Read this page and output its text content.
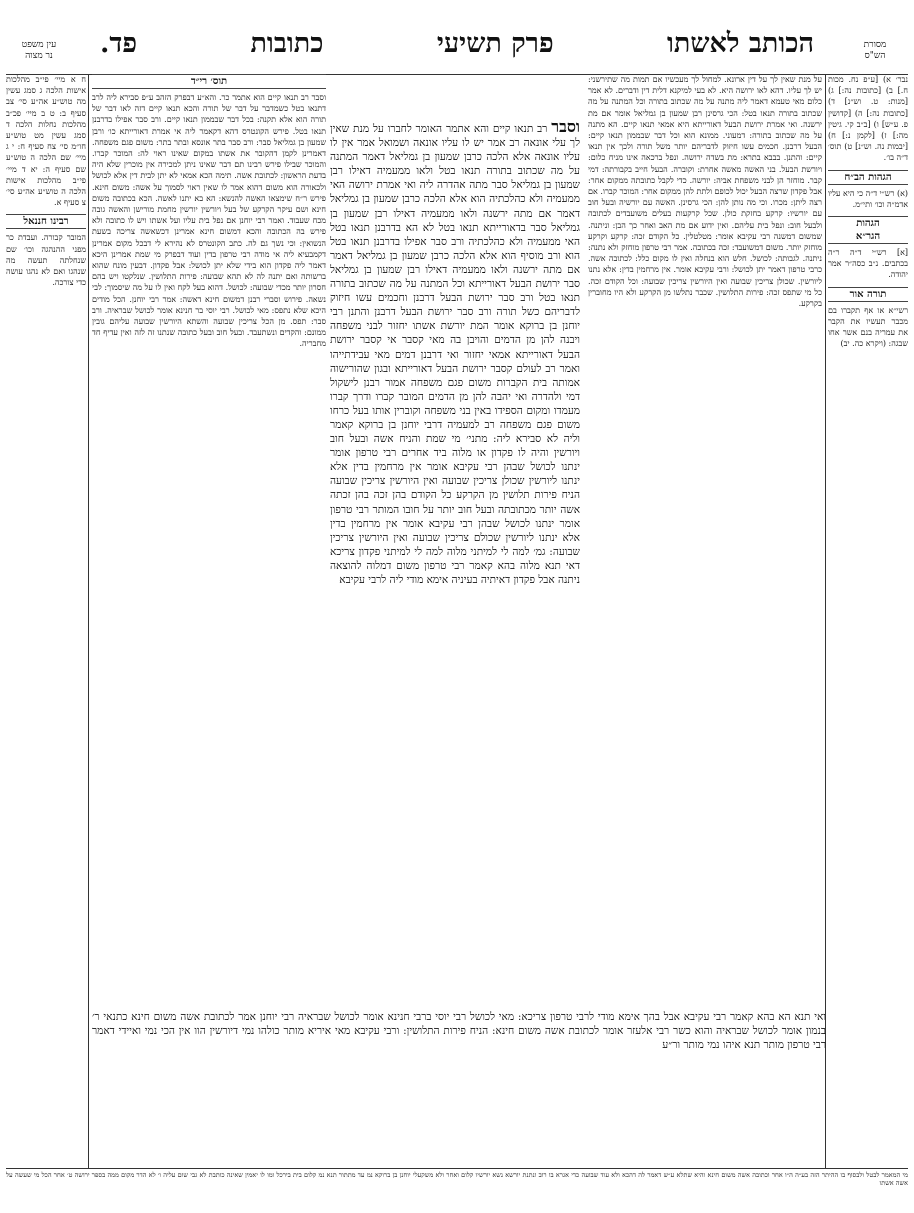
מסורת
הש"ס
הכותב לאשתו
פרק תשיעי
כתובות
פד.
עין משפט
נר מצוה

נבר׳ א) [ע״פ נח. מכות ח.] ב) [כתובות נה:] ג) [מנות: ט. וש״נ] ד) [כתובות נה:] ה) [קדושין פ. ע״ש] ו) [ב״ב קי. גיטין מה:] ז) [לקמן נ:] ח) [יבמות נה. וש״נ] ט) תוס׳ ד״ה בו׳.

הגהות הב״ח

(א) רש״י ד״ה כי היא עליו אדמ״ה וכו׳ ותי״מ.

הגהות
הגר״א

[א] רש״י ד״ה ר״ה בכתבים. נ״ב כסה״ר אמר יהודה.

תורה אור

רשי״א או אף תקברו בם מכבר תעשיו את הקבר את עמריה בנם אשר אחו שבגה: (ויקרא כה. יב)

ח א מיי׳ פי״ב מהלכות אישות הלכה ג סמג עשין מה טוש״ע אה״ע סי׳ צב סעיף ב: ט ב מיי׳ פכ״ב מהלכות נחלות הלכה ד סמג עשין מט טוש״ע חו״מ סי׳ צח סעיף ח: י ג מיי׳ שם הלכה ה טוש״ע שם סעיף ה: יא ד מיי׳ פי״ב מהלכות אישות הלכה ה טוש״ע אה״ע סי׳ צ סעיף א.

רבינו חננאל

המובר קבורה. ועבדת כר מפני ההנהגה וכו׳ שם שנחלתה תעשה מה שנהגו ואם לא נהגו עושה כדי צורכה.

על מנת שאין לך על דין ארונא. למחול לך מעכשיו אם תמות מה שתירשני: יש לך עליו. דהא לאו ירושה היא. לא בעי למיקנא דלית דין ודברים. לא אמר כלום מאי טעמא דאמר ליה מתנה על מה שכתוב בתורה וכל המתנה על מה שכתוב בתורה תנאו בטל: הכי גרסינן רבן שמעון בן גמליאל אומר אם מת ירשנה. ואי אמרת ירושת הבעל דאורייתא היא אמאי תנאו קיים. הא מתנה על מה שכתוב בתורה: דמעוני. ממונא הוא וכל דבר שבממון תנאו קיים: הבעל דרבנן. חכמים עשו חיזוק לדבריהם יותר משל תורה ולכך אין תנאו קיים: והתנן. בבבא בתרא: מת בשדה ירושה. ונפל ברכאה אינו מניח כלום: ויורשת הבעל. בני האשה מאשה אחרת: וקוברה. הבעל חייב בקבורתה: דמי קבר. מוחזר הן לבני משפחת אביה: יורשה. כדי לקבל כתובתה ממקום אחר: אבל פקדון שרצה הבעל יכול לכופם ולתת להן ממקום אחר: המוכר קברו. אם רצה ליתן: מכרו. וכי מה נותן להן: הכי גרסינן. האשה עם יורשיה ובעל חוב עם יורשיו: קרקע בחזקת כולן. שכל קרקעות בעלים משועבדים לכתובה ולבעל חוב: ונפל בית עליהם. ואין ידוע אם מת האב ואחר כך הבן: וניתנה. שמשום דמשנה רבי עקיבא אומר: מטלטלין. כל הקודם זכה: קרקע וקרקע מוחזק יותר. משום דמשועבד: זכה בכתובה. אמר רבי טרפון מוחזק ולא נתנה: ניתנה. לגבותה: לכושל. חלש הוא בנחלה ואין לו מקום כלל: לכתובה אשה. כרבי טרפון דאמר יתן לכושל: ורבי עקיבא אומר. אין מרחמין בדין: אלא נתנו ליורשין. שכולן צריכין שבועה ואין היורשין צריכין שבועה: וכל הקודם זכה. כל מי שתפס זכה: פירות התלושין. שכבר נתלשו מן הקרקע ולא היו מחוברין בקרקע.

תוס׳ רי״ד

וסבר רב תנאו קיים הוא אתמר כר. והא״ע דבפרק הזהב ע״פ סבירא ליה לרב דתנאו בטל כשמדבר על דבר של תורה והכא תנאו קיים דזה לאו דבר של תורה הוא אלא תקנה: בכל דבר שבממון תנאו קיים. ורב סבר אפילו בדרבנן תנאו בטל. פירש הקונטרס דהא דקאמר ליה אי אמרת דאורייתא כו׳ ורבן שמעון בן גמליאל סבר: ורב סבר בתר אונסא ובתר בתר: משום פגם משפחה. דאמרינן לקמן דהקובר את אשתו במקום שאינו ראוי לה: המוכר קברו. והמוכר שבילו פירש רבינו תם דבר שאינו ניתן למכירה אין מוכרין שלא היה בדעת הראשון: לכתובת אשה. תימה הכא אמאי לא יתן לבית דין אלא לכושל ולכאורה הוא משום דהוא אמר לו שאין ראוי לסמוך על אשה: משום חינא. פירש ר״ח שימצאו האשה להנשא: הא בא יתנו לאשה. הכא בכתובה משום חינא ושם עיקר הקרקע של בעל ויורשין יורשין מחמת מורישן והאשה גובה מכח שעבוד. ואמר רבי יוחנן אם נפל בית עליו ועל אשתו ויש לו כתובה ולא פירש בה הכתובה והכא דמשום חינא אמרינן דכשאשה צריכה בשעת הנשואין: וכי נשך גם לה. כתב הקונטרס לא נהירא לי דבכל מקום אמרינן דקמבעיא ליה אי מודה רבי טרפון בדין ועוד דבפרק מי שמת אמרינן היכא דאמר ליה פקדון הוא בידי שלא יתן לכושל: אבל פקדון. דבעין מונח שהוא ברשותה ואם יתנה לה לא תהא שבועה: פירות התלושין. שנלקטו ויש בהם חסרון יותר מכדי שבועה: לכושל. דהוא בעל לקח ואין לו על מה שיסמוך: לבי נשאה. פירוש וסברי רבנן דמשום חינא דאשה: אמר רבי יוחנן. הכל מודים היכא שלא נתפס: מאי לכושל. רבי יוסי בר חנינא אומר לכושל שבראיה. ורב סבר: תפס. מן הכל צריכין שבועה והשתא היורשין שבועה עליהם גובין ממונם: והקדים ונשתעבד. ובעל חוב ובעל כתובה שנתנו זה לזה ואין עדיף חד מחבריה.

וסבר רב תנאו קיים והא אתמר האומר לחברו על מנת שאין לך עלי אונאה רב אמר יש לו עליו אונאה ושמואל אמר אין לו עליו אונאה אלא הלכה כרבן שמעון בן גמליאל דאמר המתנה על מה שכתוב בתורה תנאו בטל ולאו ממעמיה דאילו רבן שמעון בן גמליאל סבר מתה אהדרה ליה ואי אמרת ירושה האי ממעמיה ולא כהלכתיה הוא אלא הלכה כרבן שמעון בן גמליאל דאמר אם מתה ירשנה ולאו ממעמיה דאילו רבן שמעון בן גמליאל סבר בדאורייתא תנאו בטל לא הא בדרבנן תנאו בטל האי ממעמיה ולא כהלכתיה ורב סבר אפילו בדרבנן תנאו בטל הוא ורב מוסיף הוא אלא הלכה כרבן שמעון בן גמליאל דאמר אם מתה ירשנה ולאו ממעמיה דאילו רבן שמעון בן גמליאל סבר ירושת הבעל דאורייתא וכל המתנה על מה שכתוב בתורה תנאו בטל ורב סבר ירושת הבעל דרבנן וחכמים עשו חיזוק לדבריהם כשל תורה ורב סבר ירושת הבעל דרבנן והתנן רבי יוחנן בן ברוקא אומר המת יורשת אשתו יחזור לבני משפחה ויבנה להן מן הדמים והויבן בה מאי קסבר אי קסבר ירושת הבעל דאורייתא אמאי יחזור ואי דרבנן דמים מאי עבידתייהו ואמר רב לעולם קסבר ירושת הבעל דאורייתא ובגון שהורישוה אמותה בית הקברות משום פגם משפחה אמור רבנן לישקול דמי ולהדרה ואי יהבה להן מן הדמים המובר קברו ודרך קברו מעמדו ומקום הספידו באין בני משפחה וקוברין אותו בעל כרחו משום פגם משפחה רב למעמיה דרבי יוחנן בן ברוקא קאמר וליה לא סבירא ליה: מתני׳ מי שמת והניח אשה ובעל חוב ויורשין והיה לו פקדון או מלוה ביד אחרים רבי טרפון אומר ינתנו לכושל שבהן רבי עקיבא אומר אין מרחמין בדין אלא ינתנו ליורשין שכולן צריכין שבועה ואין היורשין צריכין שבועה הניח פירות תלושין מן הקרקע כל הקודם בהן זכה בהן זכתה אשה יותר מכתובתה ובעל חוב יותר על חובו המותר רבי טרפון אומר ינתנו לכושל שבהן רבי עקיבא אומר אין מרחמין בדין אלא ינתנו ליורשין שכולם צריכין שבועה ואין היורשין צריכין שבועה: גמ׳ למה לי למיתני מלוה למה לי למיתני פקדון צריכא דאי תנא מלוה בהא קאמר רבי טרפון משום דמלוה להוצאה ניתנה אבל פקדון דאיתיה בעיניה אימא מודי ליה לרבי עקיבא
ואי תנא הא בהא קאמר רבי עקיבא אבל בהך אימא מודי לרבי טרפון צריכא: מאי לכושל רבי יוסי ברבי חנינא אומר לכושל שבראיה רבי יוחנן אמר לכתובת אשה משום חינא כתנאי ר׳ בנמון אומר לכושל שבראיה והוא כשר רבי אלעזר אומר לכתובת אשה משום חינא: הניח פירות התלושין: ורבי עקיבא מאי איריא מותר כולהו נמי דיורשין הוו אין הכי נמי ואיידי דאמר רבי טרפון מותר תנא איהו נמי מותר ור״ע
מי המאמר לבטל ולבסוף בו ההיתר הזה בע״ה ה״ו אחר וכתובה אשה משום חינא והיא שתלא ע״ש דאמר לה דהכא ולא עוד שבועה כדי אגרא בו רוב ונתנת יורשא נשא יורשיו קלום ואחר ולא משקעלי יוחנן בן ברוקא נמ עד מתתור תנא נמ קלום בית בירכל ומו לו יאמין שאינה כותבת לא גבי שום עליה ו׳ לא הדר מקום ממה בספר ירושה ט׳ אחר הכל מי שעשה על אשה אשתו
